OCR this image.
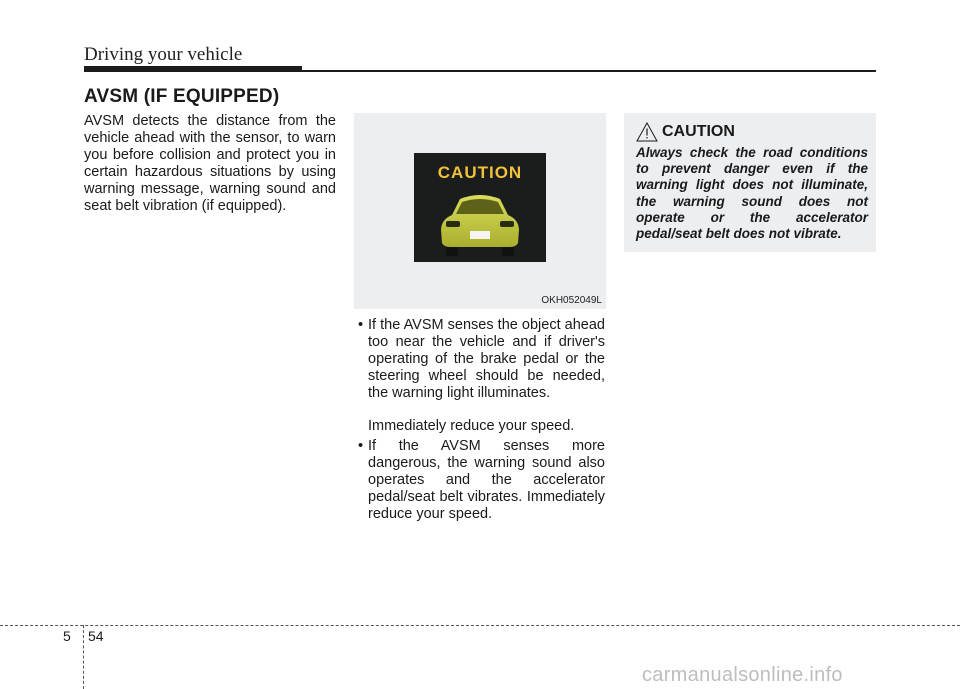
Driving your vehicle
AVSM (IF EQUIPPED)
AVSM detects the distance from the vehicle ahead with the sensor, to warn you before collision and protect you in certain hazardous situations by using warning message, warning sound and seat belt vibration (if equipped).
CAUTION
OKH052049L
• If the AVSM senses the object ahead too near the vehicle and if driver's operating of the brake pedal or the steering wheel should be needed, the warning light illuminates.
Immediately reduce your speed.
• If the AVSM senses more dangerous, the warning sound also operates and the accelerator pedal/seat belt vibrates. Immediately reduce your speed.
CAUTION
Always check the road conditions to prevent danger even if the warning light does not illuminate, the warning sound does not operate or the accelerator pedal/seat belt does not vibrate.
5 54
carmanualsonline.info
